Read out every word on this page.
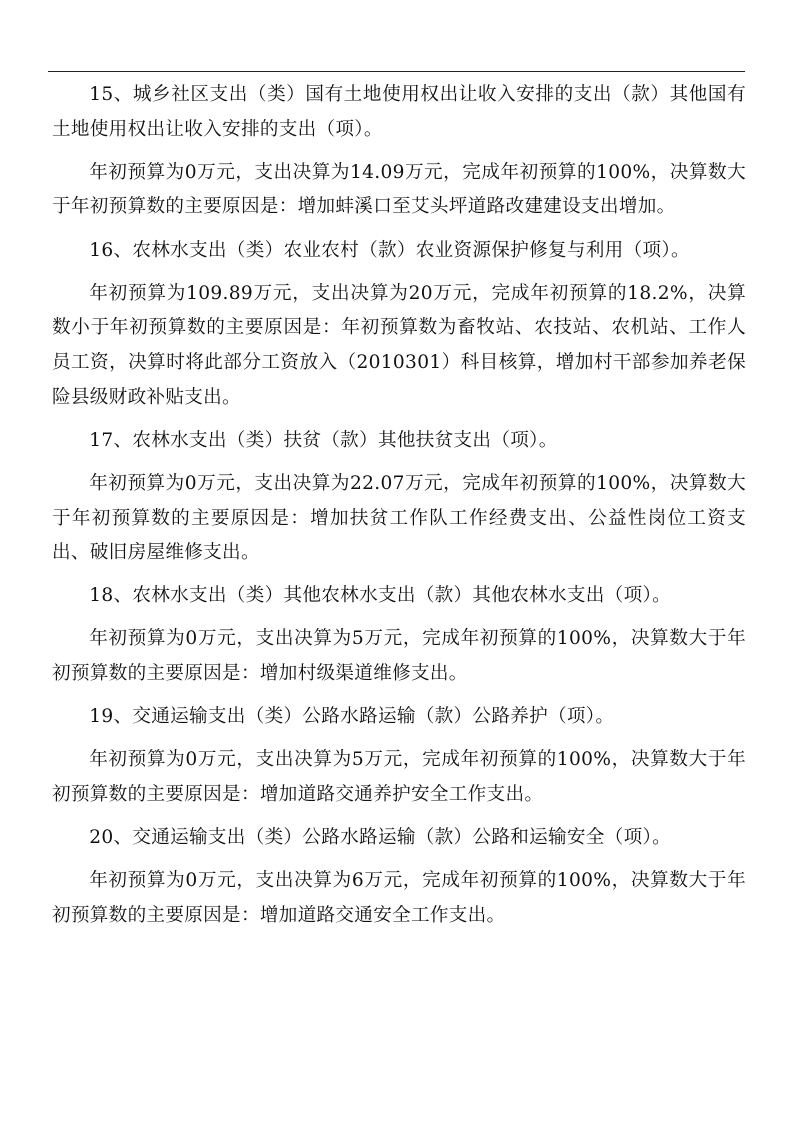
15、城乡社区支出（类）国有土地使用权出让收入安排的支出（款）其他国有土地使用权出让收入安排的支出（项）。

年初预算为0万元，支出决算为14.09万元，完成年初预算的100%，决算数大于年初预算数的主要原因是：增加蚌溪口至艾头坪道路改建建设支出增加。

16、农林水支出（类）农业农村（款）农业资源保护修复与利用（项）。

年初预算为109.89万元，支出决算为20万元，完成年初预算的18.2%，决算数小于年初预算数的主要原因是：年初预算数为畜牧站、农技站、农机站、工作人员工资，决算时将此部分工资放入（2010301）科目核算，增加村干部参加养老保险县级财政补贴支出。

17、农林水支出（类）扶贫（款）其他扶贫支出（项）。

年初预算为0万元，支出决算为22.07万元，完成年初预算的100%，决算数大于年初预算数的主要原因是：增加扶贫工作队工作经费支出、公益性岗位工资支出、破旧房屋维修支出。

18、农林水支出（类）其他农林水支出（款）其他农林水支出（项）。

年初预算为0万元，支出决算为5万元，完成年初预算的100%，决算数大于年初预算数的主要原因是：增加村级渠道维修支出。

19、交通运输支出（类）公路水路运输（款）公路养护（项）。

年初预算为0万元，支出决算为5万元，完成年初预算的100%，决算数大于年初预算数的主要原因是：增加道路交通养护安全工作支出。

20、交通运输支出（类）公路水路运输（款）公路和运输安全（项）。

年初预算为0万元，支出决算为6万元，完成年初预算的100%，决算数大于年初预算数的主要原因是：增加道路交通安全工作支出。
